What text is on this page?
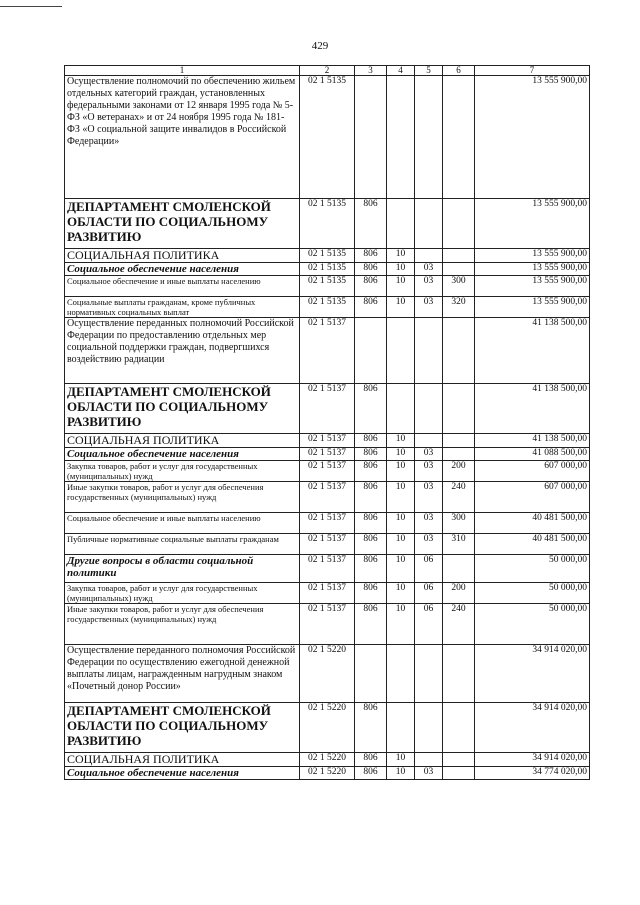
429
1	2	3	4	5	6	7
Осуществление полномочий по обеспечению жильем отдельных категорий граждан, установленных федеральными законами от 12 января 1995 года № 5-ФЗ «О ветеранах» и от 24 ноября 1995 года № 181-ФЗ «О социальной защите инвалидов в Российской Федерации»	02 1 5135					13 555 900,00
ДЕПАРТАМЕНТ СМОЛЕНСКОЙ ОБЛАСТИ ПО СОЦИАЛЬНОМУ РАЗВИТИЮ	02 1 5135	806				13 555 900,00
СОЦИАЛЬНАЯ ПОЛИТИКА	02 1 5135	806	10			13 555 900,00
Социальное обеспечение населения	02 1 5135	806	10	03		13 555 900,00
Социальное обеспечение и иные выплаты населению	02 1 5135	806	10	03	300	13 555 900,00
Социальные выплаты гражданам, кроме публичных нормативных социальных выплат	02 1 5135	806	10	03	320	13 555 900,00
Осуществление переданных полномочий Российской Федерации по предоставлению отдельных мер социальной поддержки граждан, подвергшихся воздействию радиации	02 1 5137					41 138 500,00
ДЕПАРТАМЕНТ СМОЛЕНСКОЙ ОБЛАСТИ ПО СОЦИАЛЬНОМУ РАЗВИТИЮ	02 1 5137	806				41 138 500,00
СОЦИАЛЬНАЯ ПОЛИТИКА	02 1 5137	806	10			41 138 500,00
Социальное обеспечение населения	02 1 5137	806	10	03		41 088 500,00
Закупка товаров, работ и услуг для государственных (муниципальных) нужд	02 1 5137	806	10	03	200	607 000,00
Иные закупки товаров, работ и услуг для обеспечения государственных (муниципальных) нужд	02 1 5137	806	10	03	240	607 000,00
Социальное обеспечение и иные выплаты населению	02 1 5137	806	10	03	300	40 481 500,00
Публичные нормативные социальные выплаты гражданам	02 1 5137	806	10	03	310	40 481 500,00
Другие вопросы в области социальной политики	02 1 5137	806	10	06		50 000,00
Закупка товаров, работ и услуг для государственных (муниципальных) нужд	02 1 5137	806	10	06	200	50 000,00
Иные закупки товаров, работ и услуг для обеспечения государственных (муниципальных) нужд	02 1 5137	806	10	06	240	50 000,00
Осуществление переданного полномочия Российской Федерации по осуществлению ежегодной денежной выплаты лицам, награжденным нагрудным знаком «Почетный донор России»	02 1 5220					34 914 020,00
ДЕПАРТАМЕНТ СМОЛЕНСКОЙ ОБЛАСТИ ПО СОЦИАЛЬНОМУ РАЗВИТИЮ	02 1 5220	806				34 914 020,00
СОЦИАЛЬНАЯ ПОЛИТИКА	02 1 5220	806	10			34 914 020,00
Социальное обеспечение населения	02 1 5220	806	10	03		34 774 020,00
